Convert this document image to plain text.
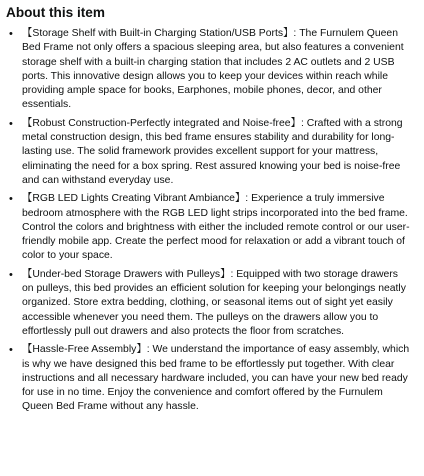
About this item
• 【Storage Shelf with Built-in Charging Station/USB Ports】: The Furnulem Queen Bed Frame not only offers a spacious sleeping area, but also features a convenient storage shelf with a built-in charging station that includes 2 AC outlets and 2 USB ports. This innovative design allows you to keep your devices within reach while providing ample space for books, Earphones, mobile phones, decor, and other essentials.
• 【Robust Construction-Perfectly integrated and Noise-free】: Crafted with a strong metal construction design, this bed frame ensures stability and durability for long-lasting use. The solid framework provides excellent support for your mattress, eliminating the need for a box spring. Rest assured knowing your bed is noise-free and can withstand everyday use.
• 【RGB LED Lights Creating Vibrant Ambiance】: Experience a truly immersive bedroom atmosphere with the RGB LED light strips incorporated into the bed frame. Control the colors and brightness with either the included remote control or our user-friendly mobile app. Create the perfect mood for relaxation or add a vibrant touch of color to your space.
• 【Under-bed Storage Drawers with Pulleys】: Equipped with two storage drawers on pulleys, this bed provides an efficient solution for keeping your belongings neatly organized. Store extra bedding, clothing, or seasonal items out of sight yet easily accessible whenever you need them. The pulleys on the drawers allow you to effortlessly pull out drawers and also protects the floor from scratches.
• 【Hassle-Free Assembly】: We understand the importance of easy assembly, which is why we have designed this bed frame to be effortlessly put together. With clear instructions and all necessary hardware included, you can have your new bed ready for use in no time. Enjoy the convenience and comfort offered by the Furnulem Queen Bed Frame without any hassle.
